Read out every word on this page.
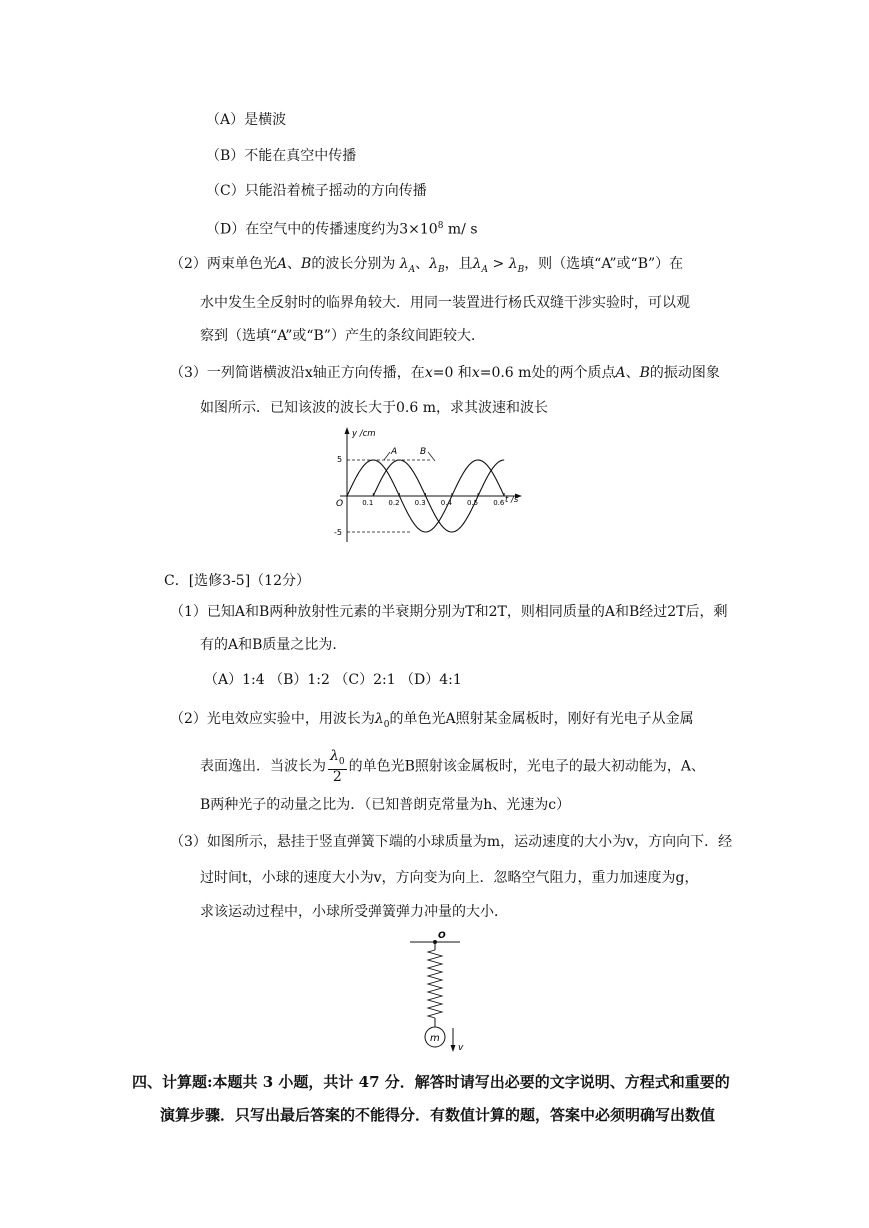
（A）是横波
（B）不能在真空中传播
（C）只能沿着梳子摇动的方向传播
（D）在空气中的传播速度约为$3\times 10^8$ m/ s
（2）两束单色光A、B的波长分别为 $\lambda_A$、$\lambda_B$，且$\lambda_A > \lambda_B$，则（选填“A”或“B”）在
水中发生全反射时的临界角较大．用同一装置进行杨氏双缝干涉实验时，可以观
察到（选填“A”或“B”）产生的条纹间距较大．
（3）一列简谐横波沿x轴正方向传播，在x=0 和x=0.6 m处的两个质点A、B的振动图象
如图所示．已知该波的波长大于0.6 m，求其波速和波长
0.1 0.2 0.3 0.4 0.5 0.6
y /cm
t /s
O
5
-5
A	B
C．[选修3-5]（12分）
（1）已知A和B两种放射性元素的半衰期分别为T和2T，则相同质量的A和B经过2T后，剩
有的A和B质量之比为.
（A）1:4 （B）1:2 （C）2:1 （D）4:1
（2）光电效应实验中，用波长为$\lambda_0$的单色光A照射某金属板时，刚好有光电子从金属
表面逸出．当波长为 $\frac{\lambda_0}{2}$ 的单色光B照射该金属板时，光电子的最大初动能为，A、
B两种光子的动量之比为．（已知普朗克常量为h、光速为c）
（3）如图所示，悬挂于竖直弹簧下端的小球质量为m，运动速度的大小为v，方向向下．经
过时间t，小球的速度大小为v，方向变为向上．忽略空气阻力，重力加速度为g，
求该运动过程中，小球所受弹簧弹力冲量的大小．
O
m
v
四、计算题:本题共 3 小题，共计 47 分．解答时请写出必要的文字说明、方程式和重要的
演算步骤．只写出最后答案的不能得分．有数值计算的题，答案中必须明确写出数值
